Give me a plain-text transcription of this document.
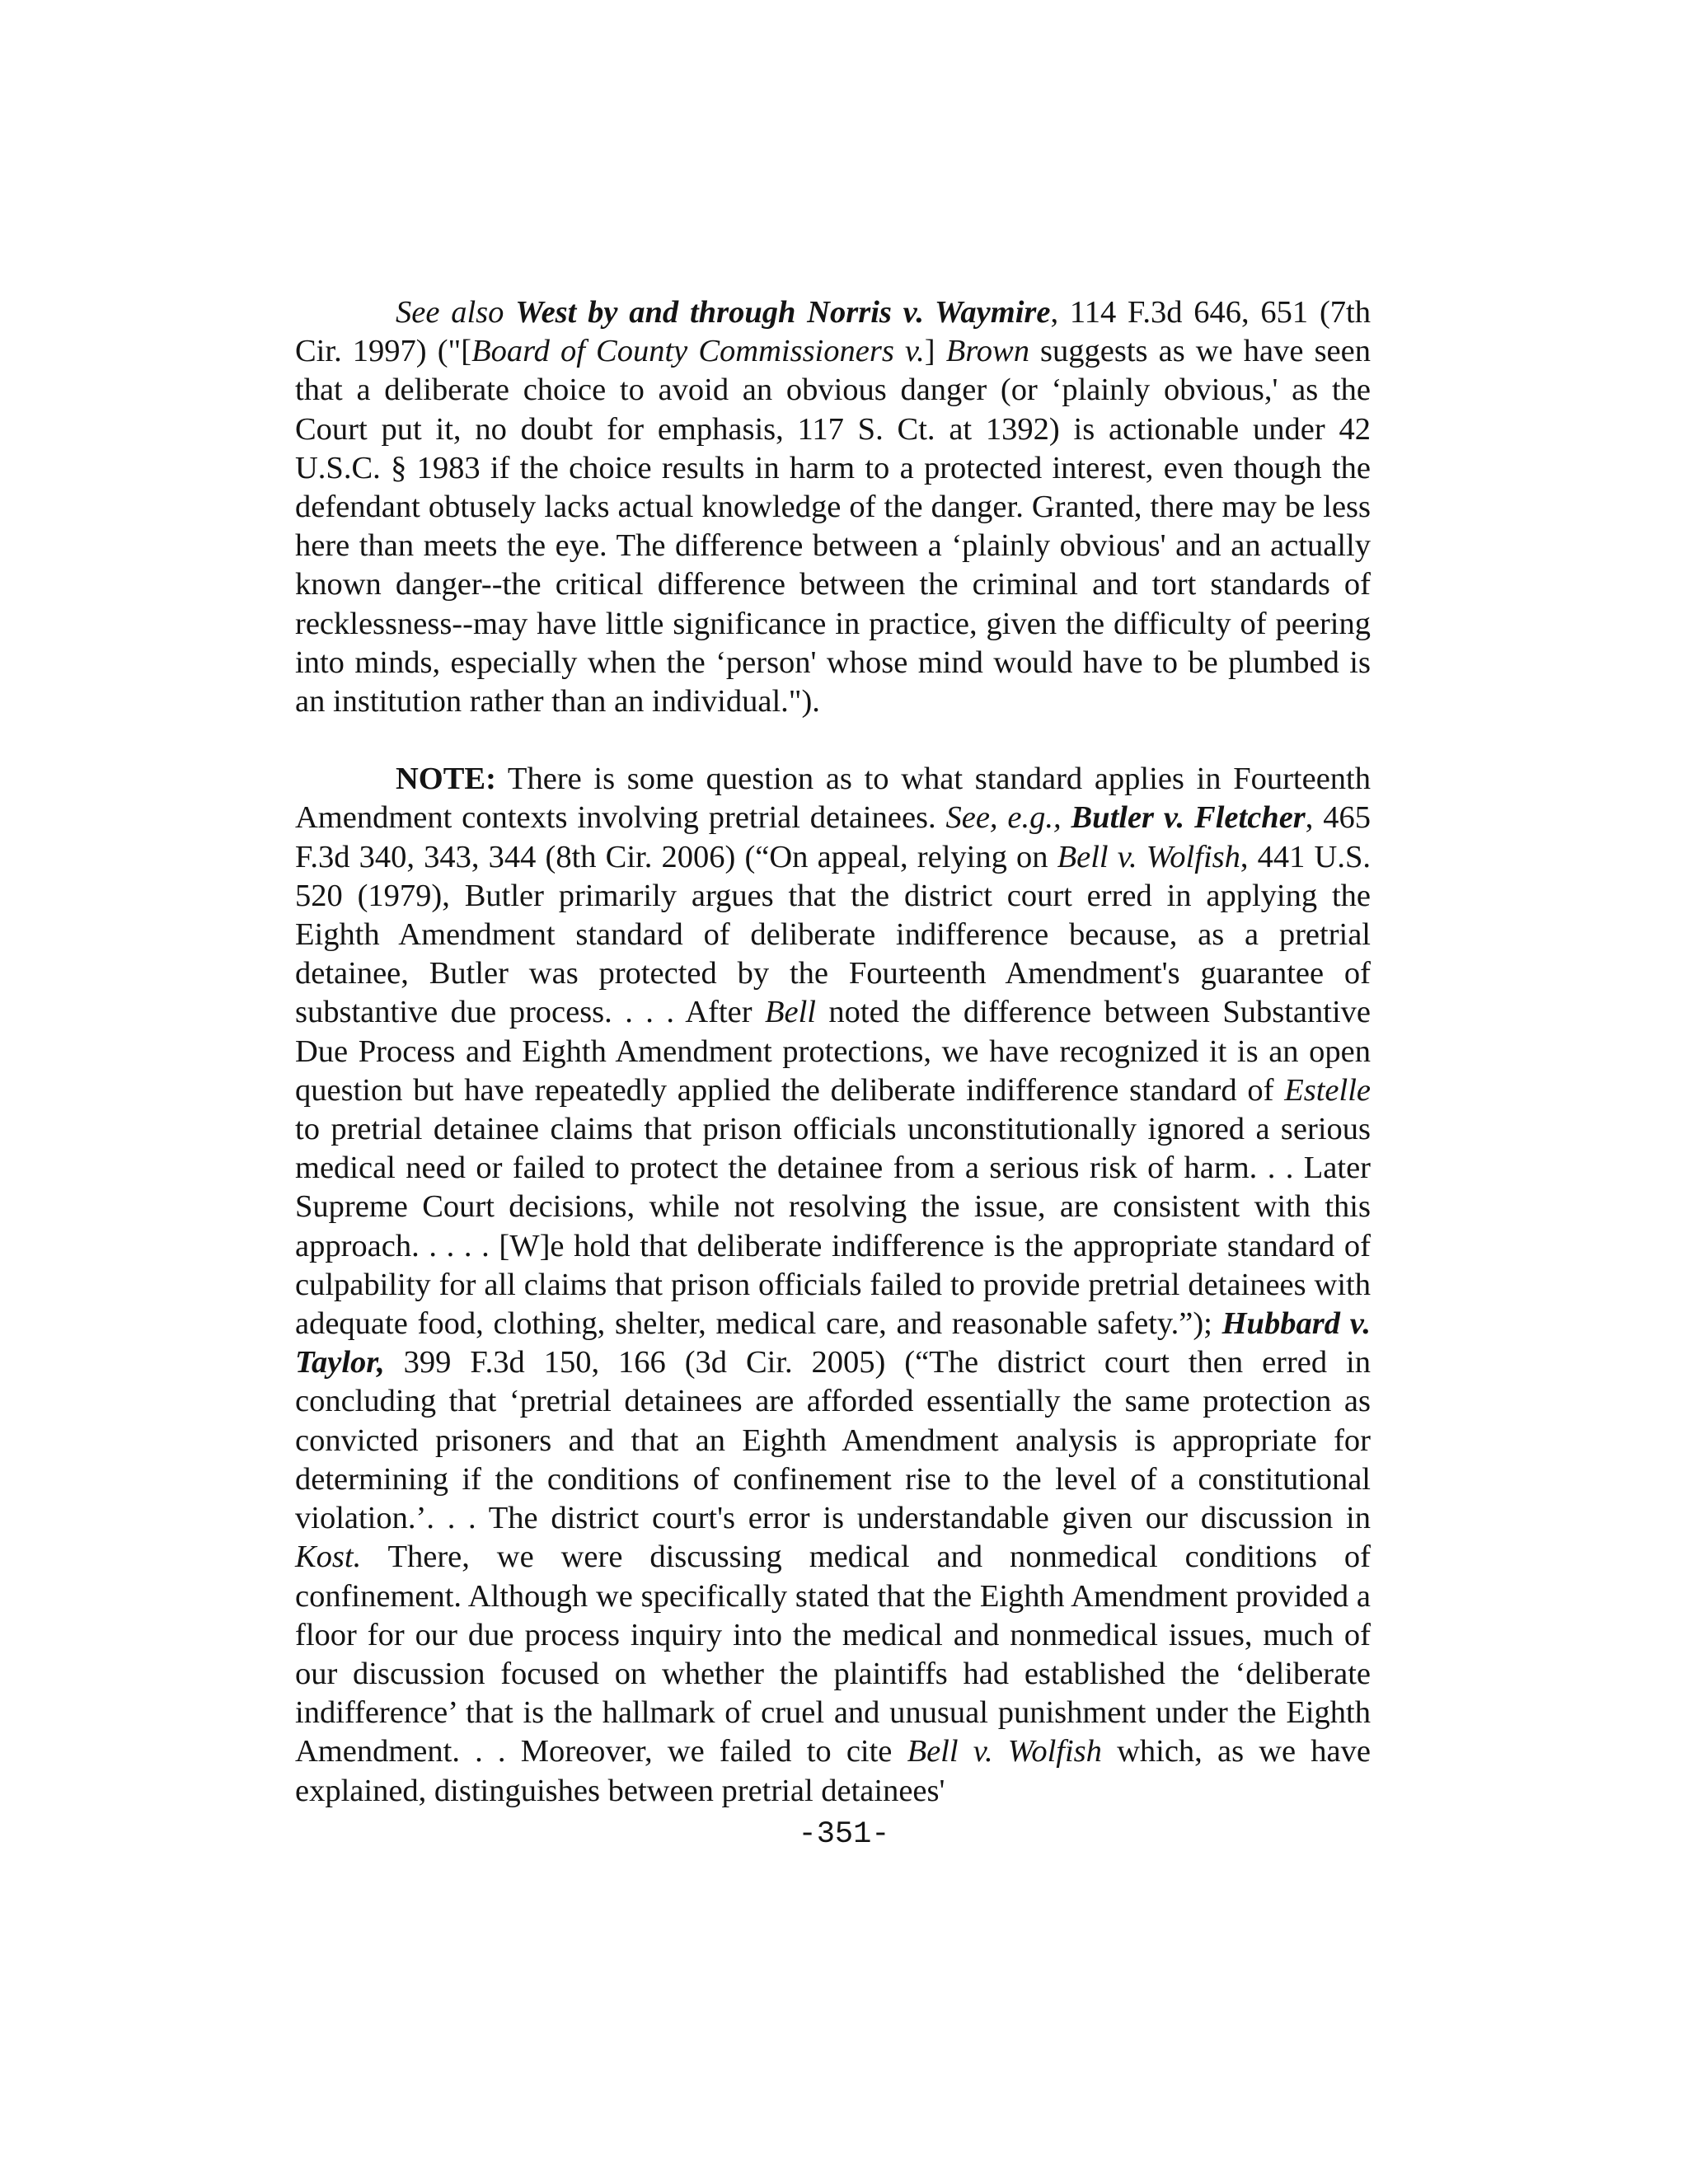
See also West by and through Norris v. Waymire, 114 F.3d 646, 651 (7th Cir. 1997) ("[Board of County Commissioners v.] Brown suggests as we have seen that a deliberate choice to avoid an obvious danger (or ‘plainly obvious,' as the Court put it, no doubt for emphasis, 117 S. Ct. at 1392) is actionable under 42 U.S.C. § 1983 if the choice results in harm to a protected interest, even though the defendant obtusely lacks actual knowledge of the danger. Granted, there may be less here than meets the eye. The difference between a ‘plainly obvious' and an actually known danger--the critical difference between the criminal and tort standards of recklessness--may have little significance in practice, given the difficulty of peering into minds, especially when the ‘person' whose mind would have to be plumbed is an institution rather than an individual.").

NOTE: There is some question as to what standard applies in Fourteenth Amendment contexts involving pretrial detainees. See, e.g., Butler v. Fletcher, 465 F.3d 340, 343, 344 (8th Cir. 2006) (“On appeal, relying on Bell v. Wolfish, 441 U.S. 520 (1979), Butler primarily argues that the district court erred in applying the Eighth Amendment standard of deliberate indifference because, as a pretrial detainee, Butler was protected by the Fourteenth Amendment's guarantee of substantive due process. . . . After Bell noted the difference between Substantive Due Process and Eighth Amendment protections, we have recognized it is an open question but have repeatedly applied the deliberate indifference standard of Estelle to pretrial detainee claims that prison officials unconstitutionally ignored a serious medical need or failed to protect the detainee from a serious risk of harm. . . Later Supreme Court decisions, while not resolving the issue, are consistent with this approach. . . . . [W]e hold that deliberate indifference is the appropriate standard of culpability for all claims that prison officials failed to provide pretrial detainees with adequate food, clothing, shelter, medical care, and reasonable safety.”); Hubbard v. Taylor, 399 F.3d 150, 166 (3d Cir. 2005) (“The district court then erred in concluding that ‘pretrial detainees are afforded essentially the same protection as convicted prisoners and that an Eighth Amendment analysis is appropriate for determining if the conditions of confinement rise to the level of a constitutional violation.’. . . The district court's error is understandable given our discussion in Kost. There, we were discussing medical and nonmedical conditions of confinement. Although we specifically stated that the Eighth Amendment provided a floor for our due process inquiry into the medical and nonmedical issues, much of our discussion focused on whether the plaintiffs had established the ‘deliberate indifference’ that is the hallmark of cruel and unusual punishment under the Eighth Amendment. . . Moreover, we failed to cite Bell v. Wolfish which, as we have explained, distinguishes between pretrial detainees'

-351-
